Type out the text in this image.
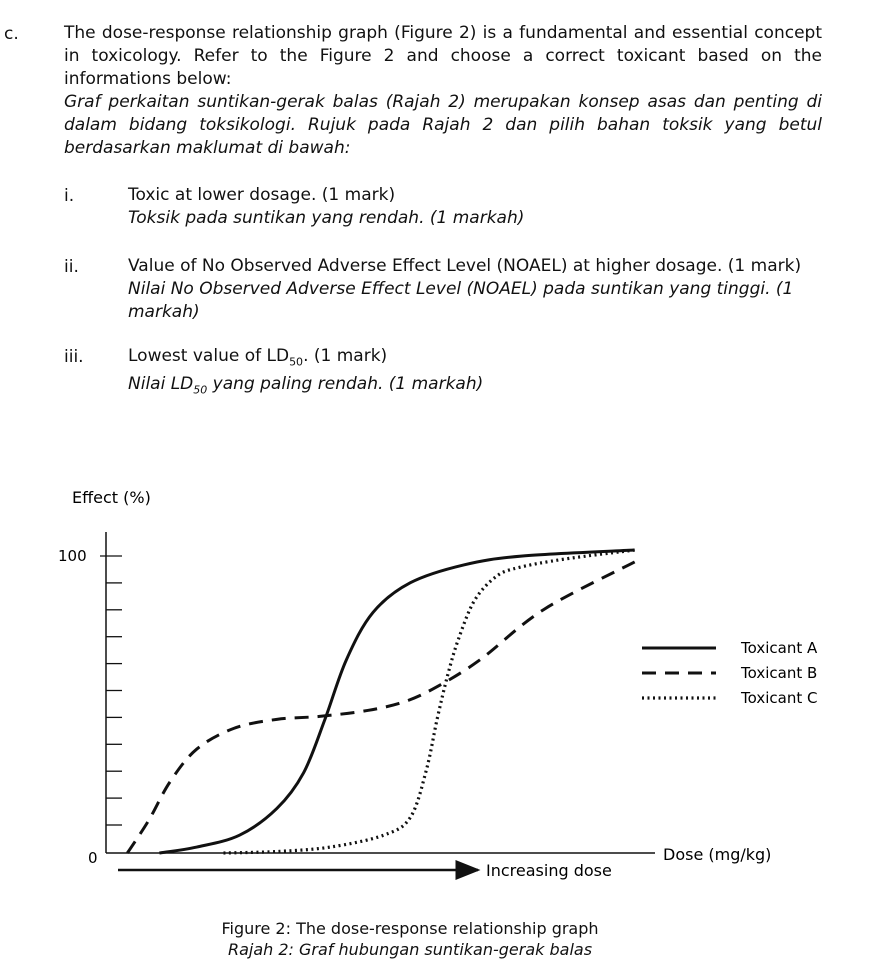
c.	The dose-response relationship graph (Figure 2) is a fundamental and essential concept in toxicology. Refer to the Figure 2 and choose a correct toxicant based on the informations below:

Graf perkaitan suntikan-gerak balas (Rajah 2) merupakan konsep asas dan penting di dalam bidang toksikologi. Rujuk pada Rajah 2 dan pilih bahan toksik yang betul berdasarkan maklumat di bawah:

i.	Toxic at lower dosage. (1 mark)

Toksik pada suntikan yang rendah. (1 markah)

ii.	Value of No Observed Adverse Effect Level (NOAEL) at higher dosage. (1 mark)

Nilai No Observed Adverse Effect Level (NOAEL) pada suntikan yang tinggi. (1 markah)

iii.	Lowest value of $LD_{50}$. (1 mark)

Nilai $LD_{50}$ yang paling rendah. (1 markah)

Effect (%)
100
0	Dose (mg/kg)
Increasing dose
Toxicant A
Toxicant B
Toxicant C
Figure 2: The dose-response relationship graph
Rajah 2: Graf hubungan suntikan-gerak balas
